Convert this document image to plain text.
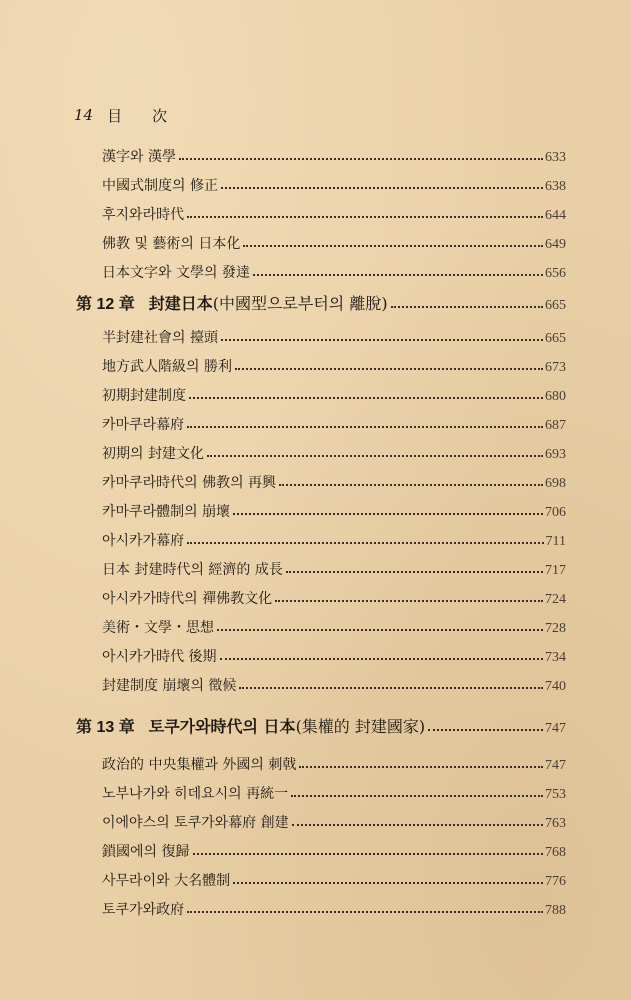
14 目次
漢字와 漢學	633
中國式制度의 修正	638
후지와라時代	644
佛教 및 藝術의 日本化	649
日本文字와 文學의 發達	656
第 12 章 封建日本 (中國型으로부터의 離脫)	665
半封建社會의 擡頭	665
地方武人階級의 勝利	673
初期封建制度	680
카마쿠라幕府	687
初期의 封建文化	693
카마쿠라時代의 佛教의 再興	698
카마쿠라體制의 崩壞	706
아시카가幕府	711
日本 封建時代의 經濟的 成長	717
아시카가時代의 禪佛教文化	724
美術・文學・思想	728
아시카가時代 後期	734
封建制度 崩壞의 徵候	740
第 13 章 토쿠가와時代의 日本 (集權的 封建國家)	747
政治的 中央集權과 外國의 刺戟	747
노부나가와 히데요시의 再統一	753
이에야스의 토쿠가와幕府 創建	763
鎖國에의 復歸	768
사무라이와 大名體制	776
토쿠가와政府	788
